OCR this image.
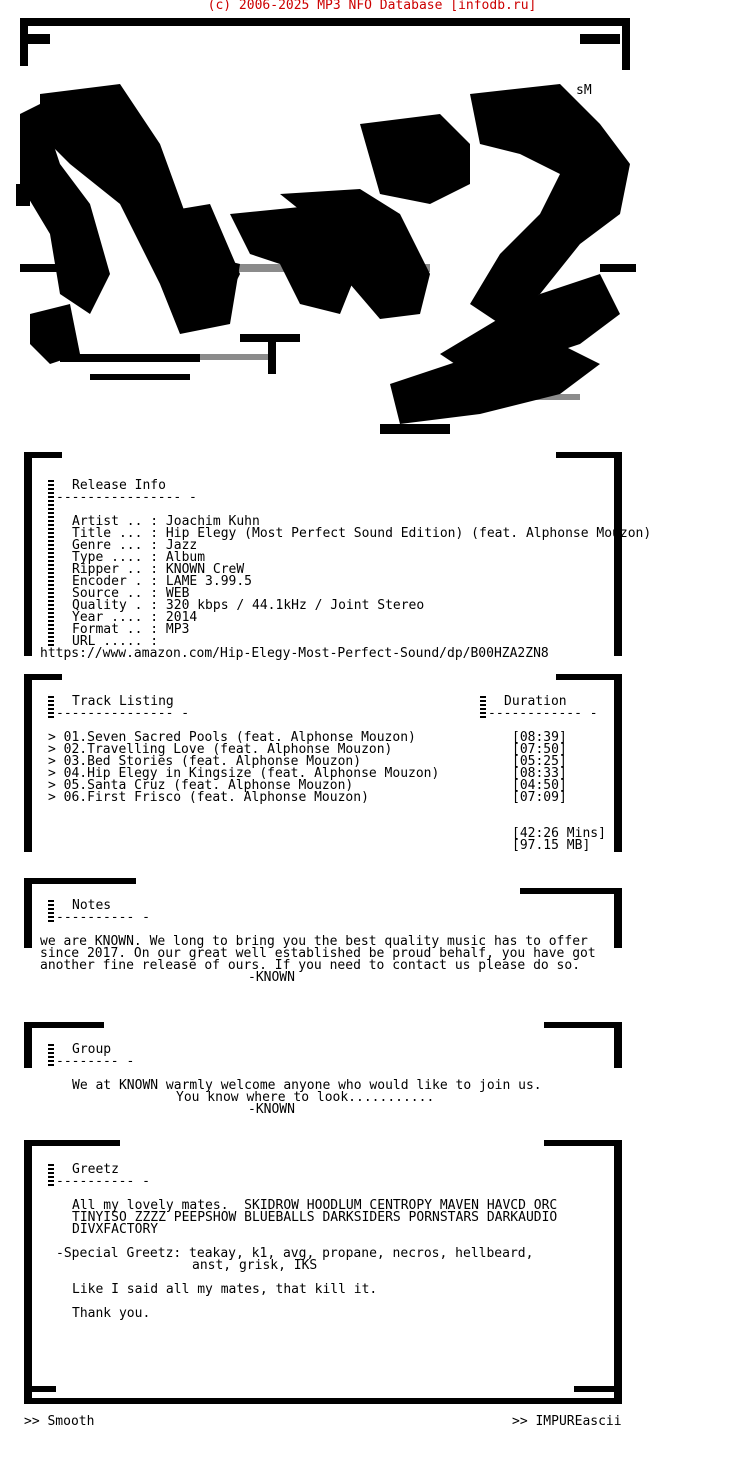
(c) 2006-2025 MP3 NFO Database [infodb.ru]
sM
Release Info
---------------- -
Artist .. : Joachim Kuhn
Title ... : Hip Elegy (Most Perfect Sound Edition) (feat. Alphonse Mouzon)
Genre ... : Jazz
Type .... : Album
Ripper .. : KNOWN CreW
Encoder . : LAME 3.99.5
Source .. : WEB
Quality . : 320 kbps / 44.1kHz / Joint Stereo
Year .... : 2014
Format .. : MP3
URL ..... :
https://www.amazon.com/Hip-Elegy-Most-Perfect-Sound/dp/B00HZA2ZN8
Track Listing
--------------- -
Duration
------------ -
> 01.Seven Sacred Pools (feat. Alphonse Mouzon)	[08:39]
> 02.Travelling Love (feat. Alphonse Mouzon)	[07:50]
> 03.Bed Stories (feat. Alphonse Mouzon)	[05:25]
> 04.Hip Elegy in Kingsize (feat. Alphonse Mouzon)	[08:33]
> 05.Santa Cruz (feat. Alphonse Mouzon)	[04:50]
> 06.First Frisco (feat. Alphonse Mouzon)	[07:09]
[42:26 Mins]
[97.15 MB]
Notes
---------- -
we are KNOWN. We long to bring you the best quality music has to offer
since 2017. On our great well established be proud behalf, you have got
another fine release of ours. If you need to contact us please do so.
-KNOWN
Group
-------- -
We at KNOWN warmly welcome anyone who would like to join us.
You know where to look...........
-KNOWN
Greetz
---------- -
All my lovely mates.  SKIDROW HOODLUM CENTROPY MAVEN HAVCD ORC
TINYISO ZZZZ PEEPSHOW BLUEBALLS DARKSIDERS PORNSTARS DARKAUDIO
DIVXFACTORY
-Special Greetz: teakay, k1, avg, propane, necros, hellbeard,
anst, grisk, IKS
Like I said all my mates, that kill it.
Thank you.
>> Smooth	>> IMPUREascii
